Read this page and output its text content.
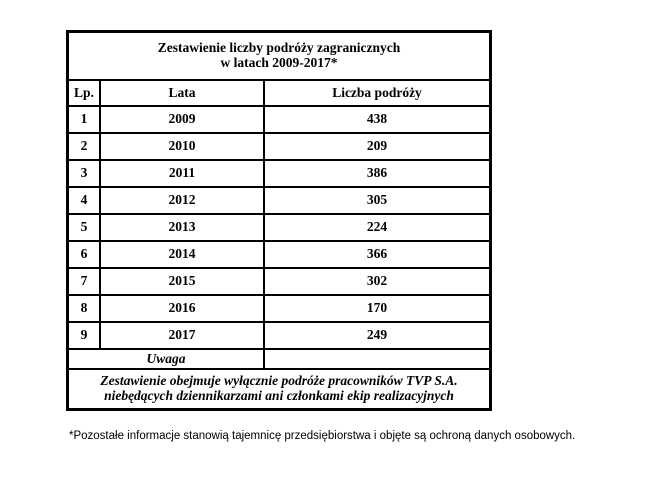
Zestawienie liczby podróży zagranicznych
w latach 2009-2017*		

Lp.	Lata	Liczba podróży
1	2009	438
2	2010	209
3	2011	386
4	2012	305
5	2013	224
6	2014	366
7	2015	302
8	2016	170
9	2017	249
Uwaga		

Zestawienie obejmuje wyłącznie podróże pracowników TVP S.A.
niebędących dziennikarzami ani członkami ekip realizacyjnych		
*Pozostałe informacje stanowią tajemnicę przedsiębiorstwa i objęte są ochroną danych osobowych.
